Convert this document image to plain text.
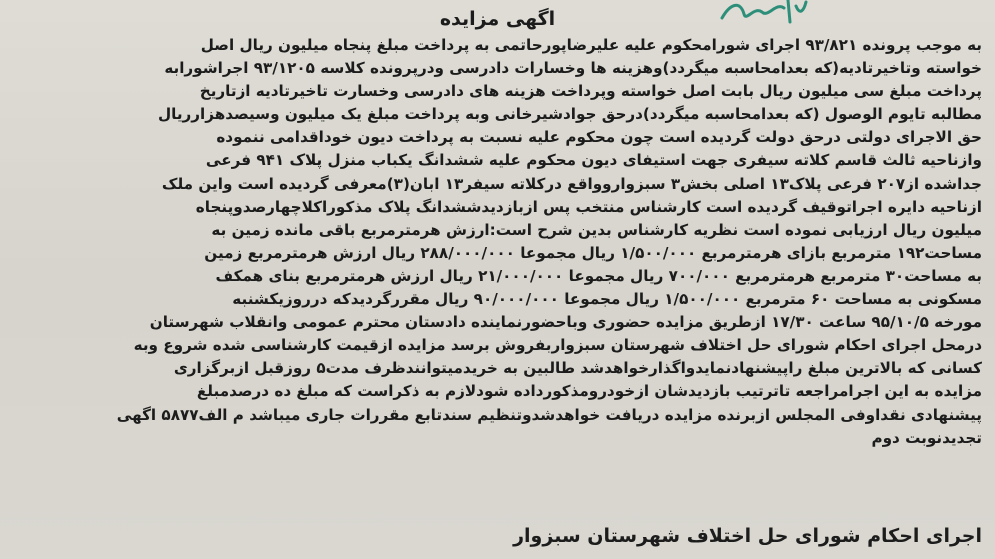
اگهی مزایده
به موجب پرونده ۹۳/۸۲۱ اجرای شورامحکوم علیه علیرضاپورحاتمی به پرداخت مبلغ پنجاه میلیون ریال اصل
خواسته وتاخیرتادیه(که بعدامحاسبه میگردد)وهزینه ها وخسارات دادرسی ودرپرونده کلاسه ۹۳/۱۲۰۵ اجراشورابه
پرداخت مبلغ سی میلیون ریال بابت اصل خواسته وپرداخت هزینه های دادرسی وخسارت تاخیرتادیه ازتاریخ
مطالبه تایوم الوصول (که بعدامحاسبه میگردد)درحق جوادشیرخانی وبه پرداخت مبلغ یک میلیون وسیصدهزارریال
حق الاجرای دولتی درحق دولت گردیده است چون محکوم علیه نسبت به پرداخت دیون خوداقدامی ننموده
وازناحیه ثالث قاسم کلاته سیفری جهت استیفای دیون محکوم علیه ششدانگ یکباب منزل پلاک ۹۴۱ فرعی
جداشده از۲۰۷ فرعی پلاک۱۳ اصلی بخش۳ سبزواروواقع درکلاته سیفر۱۳ ابان(۳)معرفی گردیده است واین ملک
ازناحیه دایره اجراتوقیف گردیده است کارشناس منتخب پس ازبازدیدششدانگ پلاک مذکوراکلاچهارصدوپنجاه
میلیون ریال ارزیابی نموده است نظریه کارشناس بدین شرح است:ارزش هرمترمربع باقی مانده زمین به
مساحت۱۹۲ مترمربع بازای هرمترمربع ۱/۵۰۰/۰۰۰ ریال مجموعا ۲۸۸/۰۰۰/۰۰۰ ریال ارزش هرمترمربع زمین
به مساحت۳۰ مترمربع هرمترمربع ۷۰۰/۰۰۰ ریال مجموعا ۲۱/۰۰۰/۰۰۰ ریال ارزش هرمترمربع بنای همکف
مسکونی به مساحت ۶۰ مترمربع ۱/۵۰۰/۰۰۰ ریال مجموعا ۹۰/۰۰۰/۰۰۰ ریال مقررگردیدکه درروزیکشنبه
مورخه ۹۵/۱۰/۵ ساعت ۱۷/۳۰ ازطریق مزایده حضوری وباحضورنماینده دادستان محترم عمومی وانقلاب شهرستان
درمحل اجرای احکام شورای حل اختلاف شهرستان سبزواربفروش برسد مزایده ازقیمت کارشناسی شده شروع وبه
کسانی که بالاترین مبلغ راپیشنهادنمایدواگذارخواهدشد طالبین به خریدمیتوانندظرف مدت۵ روزقبل ازبرگزاری
مزایده به این اجرامراجعه تاترتیب بازدیدشان ازخودرومذکورداده شودلازم به ذکراست که مبلغ ده درصدمبلغ
پیشنهادی نقداوفی المجلس ازبرنده مزایده دریافت خواهدشدوتنظیم سندتابع مقررات جاری میباشد م الف۵۸۷۷ اگهی
تجدیدنوبت دوم
اجرای احکام شورای حل اختلاف شهرستان سبزوار
